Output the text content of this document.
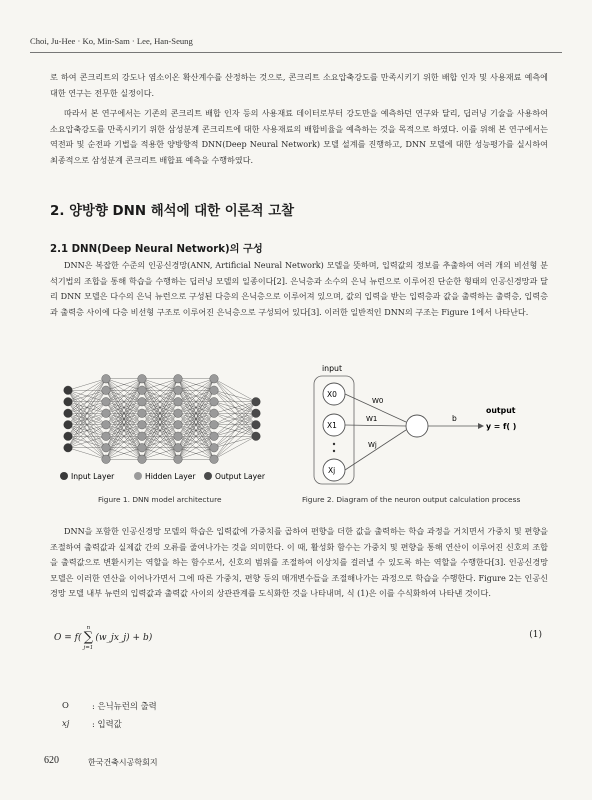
Choi, Ju-Hee · Ko, Min-Sam · Lee, Han-Seung

로 하여 콘크리트의 강도나 염소이온 확산계수를 산정하는 것으로, 콘크리트 소요압축강도를 만족시키기 위한 배합 인자 및 사용재료 예측에 대한 연구는 전무한 실정이다.

따라서 본 연구에서는 기존의 콘크리트 배합 인자 등의 사용재료 데이터로부터 강도만을 예측하던 연구와 달리, 딥러닝 기술을 사용하여 소요압축강도를 만족시키기 위한 삼성분계 콘크리트에 대한 사용재료의 배합비율을 예측하는 것을 목적으로 하였다. 이를 위해 본 연구에서는 역전파 및 순전파 기법을 적용한 양방향적 DNN(Deep Neural Network) 모델 설계를 진행하고, DNN 모델에 대한 성능평가를 실시하여 최종적으로 삼성분계 콘크리트 배합표 예측을 수행하였다.

2. 양방향 DNN 해석에 대한 이론적 고찰
2.1 DNN(Deep Neural Network)의 구성

DNN은 복잡한 수준의 인공신경망(ANN, Artificial Neural Network) 모델을 뜻하며, 입력값의 정보를 추출하여 여러 개의 비선형 분석기법의 조합을 통해 학습을 수행하는 딥러닝 모델의 일종이다[2]. 은닉층과 소수의 은닉 뉴런으로 이루어진 단순한 형태의 인공신경망과 달리 DNN 모델은 다수의 은닉 뉴런으로 구성된 다층의 은닉층으로 이루어져 있으며, 값의 입력을 받는 입력층과 값을 출력하는 출력층, 입력층과 출력층 사이에 다층 비선형 구조로 이루어진 은닉층으로 구성되어 있다[3]. 이러한 일반적인 DNN의 구조는 Figure 1에서 나타난다.

Input Layer	Hidden Layer	Output Layer
Figure 1. DNN model architecture
input
X0
X1
Xj
W0
W1
Wj
b
output
y = f( )
Figure 2. Diagram of the neuron output calculation process

DNN을 포함한 인공신경망 모델의 학습은 입력값에 가중치를 곱하여 편향을 더한 값을 출력하는 학습 과정을 거치면서 가중치 및 편향을 조절하여 출력값과 실제값 간의 오류를 줄여나가는 것을 의미한다. 이 때, 활성화 함수는 가중치 및 편향을 통해 연산이 이루어진 신호의 조합을 출력값으로 변환시키는 역할을 하는 함수로서, 신호의 범위를 조절하여 이상치를 걸러낼 수 있도록 하는 역할을 수행한다[3]. 인공신경망 모델은 이러한 연산을 이어나가면서 그에 따른 가중치, 편향 등의 매개변수들을 조절해나가는 과정으로 학습을 수행한다. Figure 2는 인공신경망 모델 내부 뉴런의 입력값과 출력값 사이의 상관관계를 도식화한 것을 나타내며, 식 (1)은 이를 수식화하여 나타낸 것이다.

O = f(
n
∑
j=1
(w_jx_j) + b)	(1)
O	: 은닉뉴런의 출력
xj	: 입력값
620	한국건축시공학회지
